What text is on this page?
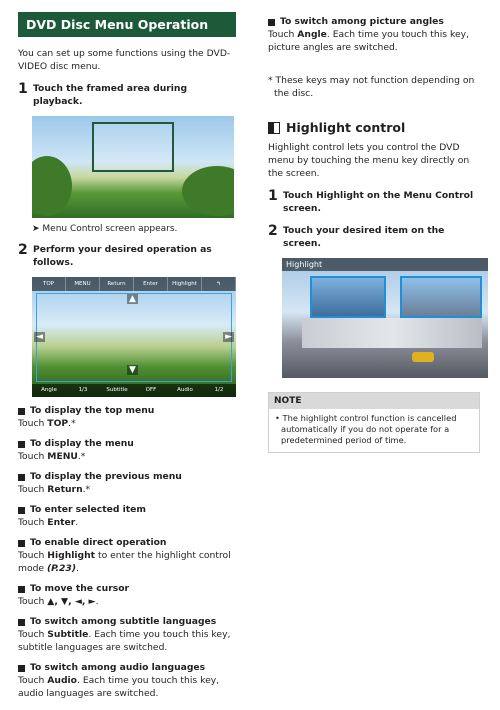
DVD Disc Menu Operation

You can set up some functions using the DVD-VIDEO disc menu.

1 Touch the framed area during playback.
➤ Menu Control screen appears.
2 Perform your desired operation as follows.
TOP	MENU	Return	Enter	Highlight	↰
▲
▼
◄	►
Angle	1/3	Subtitle	OFF	Audio	1/2
To display the top menu
Touch TOP.*
To display the menu
Touch MENU.*
To display the previous menu
Touch Return.*
To enter selected item
Touch Enter.
To enable direct operation
Touch Highlight to enter the highlight control mode (P.23).
To move the cursor
Touch ▲, ▼, ◄, ►.
To switch among subtitle languages
Touch Subtitle. Each time you touch this key, subtitle languages are switched.
To switch among audio languages
Touch Audio. Each time you touch this key, audio languages are switched.
To switch among picture angles
Touch Angle. Each time you touch this key, picture angles are switched.
* These keys may not function depending on the disc.
Highlight control

Highlight control lets you control the DVD menu by touching the menu key directly on the screen.

1 Touch Highlight on the Menu Control screen.
2 Touch your desired item on the screen.
Highlight
NOTE
• The highlight control function is cancelled automatically if you do not operate for a predetermined period of time.
